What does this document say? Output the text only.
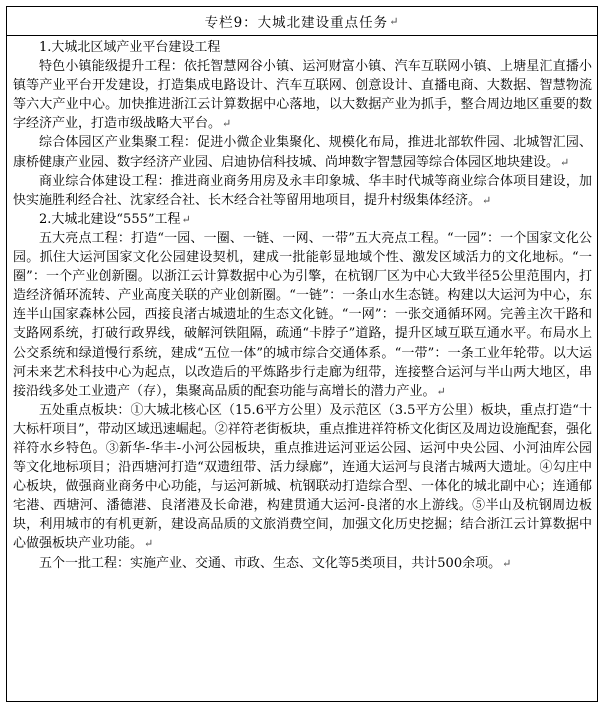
专栏9：大城北建设重点任务 ↵

1.大城北区域产业平台建设工程

特色小镇能级提升工程：依托智慧网谷小镇、运河财富小镇、汽车互联网小镇、上塘星汇直播小镇等产业平台开发建设，打造集成电路设计、汽车互联网、创意设计、直播电商、大数据、智慧物流等六大产业中心。加快推进浙江云计算数据中心落地，以大数据产业为抓手，整合周边地区重要的数字经济产业，打造市级战略大平台。↵

综合体园区产业集聚工程：促进小微企业集聚化、规模化布局，推进北部软件园、北城智汇园、康桥健康产业园、数字经济产业园、启迪协信科技城、尚坤数字智慧园等综合体园区地块建设。↵

商业综合体建设工程：推进商业商务用房及永丰印象城、华丰时代城等商业综合体项目建设，加快实施胜利经合社、沈家经合社、长木经合社等留用地项目，提升村级集体经济。↵

2.大城北建设“555”工程↵

五大亮点工程：打造“一园、一圈、一链、一网、一带”五大亮点工程。“一园”：一个国家文化公园。抓住大运河国家文化公园建设契机，建成一批能彰显地域个性、激发区域活力的文化地标。“一圈”：一个产业创新圈。以浙江云计算数据中心为引擎，在杭钢厂区为中心大致半径5公里范围内，打造经济循环流转、产业高度关联的产业创新圈。“一链”：一条山水生态链。构建以大运河为中心，东连半山国家森林公园，西接良渚古城遗址的生态文化链。“一网”：一张交通循环网。完善主次干路和支路网系统，打破行政界线，破解河铁阻隔，疏通“卡脖子”道路，提升区域互联互通水平。布局水上公交系统和绿道慢行系统，建成“五位一体”的城市综合交通体系。“一带”：一条工业年轮带。以大运河未来艺术科技中心为起点，以改造后的平炼路步行走廊为纽带，连接整合运河与半山两大地区，串接沿线多处工业遗产（存），集聚高品质的配套功能与高增长的潜力产业。↵

五处重点板块：①大城北核心区（15.6平方公里）及示范区（3.5平方公里）板块，重点打造“十大标杆项目”，带动区域迅速崛起。②祥符老街板块，重点推进祥符桥文化街区及周边设施配套，强化祥符水乡特色。③新华-华丰-小河公园板块，重点推进运河亚运公园、运河中央公园、小河油库公园等文化地标项目；沿西塘河打造“双遗纽带、活力绿廊”，连通大运河与良渚古城两大遗址。④勾庄中心板块，做强商业商务中心功能，与运河新城、杭钢联动打造综合型、一体化的城北副中心；连通郁宅港、西塘河、潘德港、良渚港及长命港，构建贯通大运河-良渚的水上游线。⑤半山及杭钢周边板块，利用城市的有机更新，建设高品质的文旅消费空间，加强文化历史挖掘；结合浙江云计算数据中心做强板块产业功能。↵

五个一批工程：实施产业、交通、市政、生态、文化等5类项目，共计500余项。↵
